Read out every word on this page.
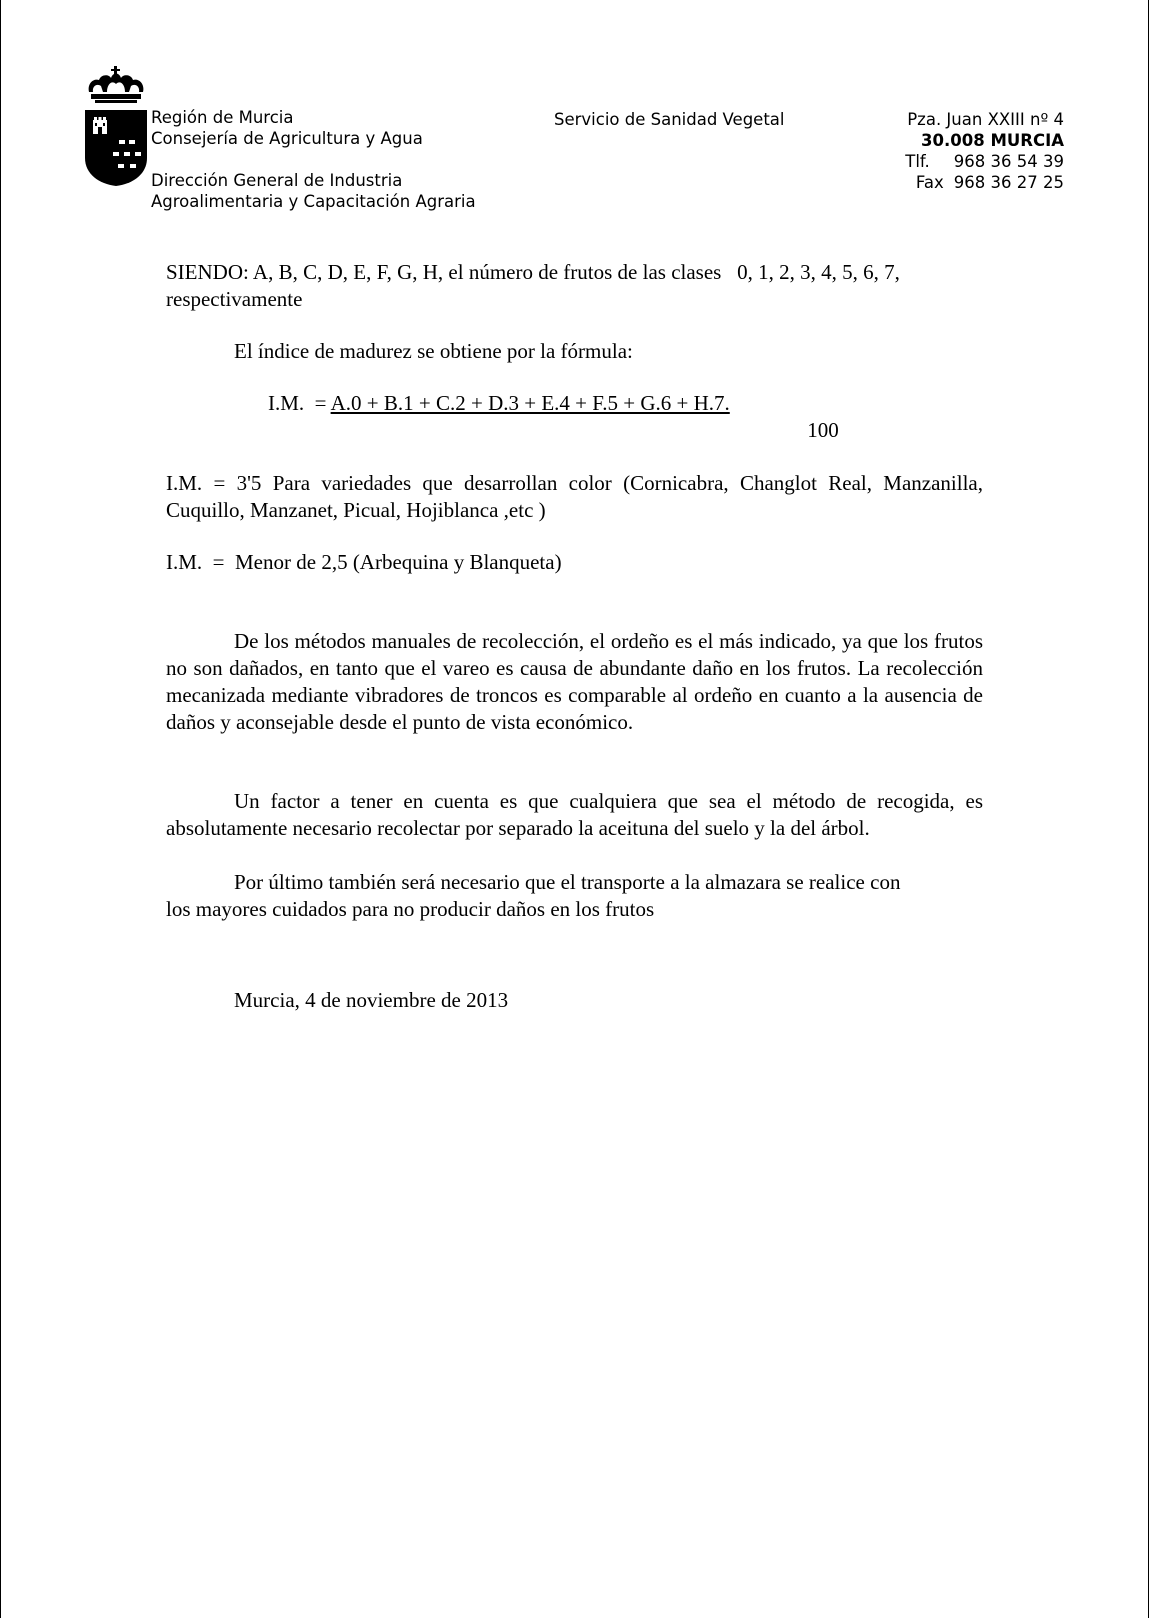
Región de Murcia
Consejería de Agricultura y Agua
Dirección General de Industria
Agroalimentaria y Capacitación Agraria
Servicio de Sanidad Vegetal	Pza. Juan XXIII nº 4
30.008 MURCIA
Tlf. 968 36 54 39
Fax 968 36 27 25
SIENDO: A, B, C, D, E, F, G, H, el número de frutos de las clases   0, 1, 2, 3, 4, 5, 6, 7,
respectivamente

El índice de madurez se obtiene por la fórmula:

I.M.  = A.0 + B.1 + C.2 + D.3 + E.4 + F.5 + G.6 + H.7.
100

I.M. = 3'5 Para variedades que desarrollan color (Cornicabra, Changlot Real, Manzanilla, Cuquillo, Manzanet, Picual, Hojiblanca ,etc )

I.M.  =  Menor de 2,5 (Arbequina y Blanqueta)

De los métodos manuales de recolección, el ordeño es el más indicado, ya que los frutos no son dañados, en tanto que el vareo es causa de abundante daño en los frutos. La recolección mecanizada mediante vibradores de troncos es comparable al ordeño en cuanto a la ausencia de daños y aconsejable desde el punto de vista económico.

Un factor a tener en cuenta es que cualquiera que sea el método de recogida, es absolutamente necesario recolectar por separado la aceituna del suelo y la del árbol.

Por último también será necesario que el transporte a la almazara se realice con
los mayores cuidados para no producir daños en los frutos

Murcia, 4 de noviembre de 2013
